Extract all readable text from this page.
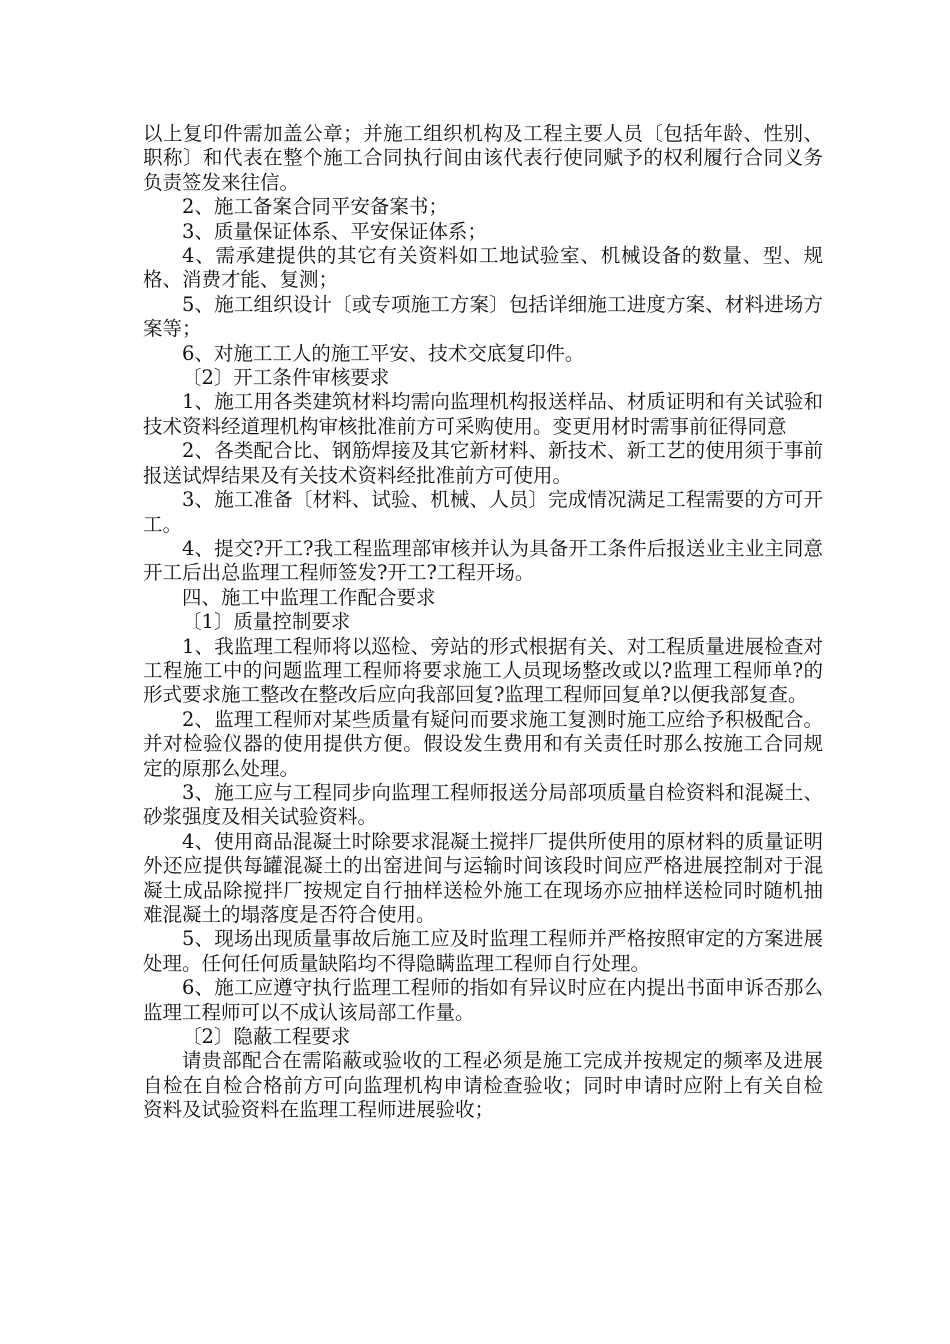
以上复印件需加盖公章；并施工组织机构及工程主要人员〔包括年龄、性别、职称〕和代表在整个施工合同执行间由该代表行使同赋予的权利履行合同义务负责签发来往信。

2、施工备案合同平安备案书；

3、质量保证体系、平安保证体系；

4、需承建提供的其它有关资料如工地试验室、机械设备的数量、型、规格、消费才能、复测；

5、施工组织设计〔或专项施工方案〕包括详细施工进度方案、材料进场方案等；

6、对施工工人的施工平安、技术交底复印件。

〔2〕开工条件审核要求

1、施工用各类建筑材料均需向监理机构报送样品、材质证明和有关试验和技术资料经道理机构审核批准前方可采购使用。变更用材时需事前征得同意

2、各类配合比、钢筋焊接及其它新材料、新技术、新工艺的使用须于事前报送试焊结果及有关技术资料经批准前方可使用。

3、施工准备〔材料、试验、机械、人员〕完成情况满足工程需要的方可开工。

4、提交?开工?我工程监理部审核并认为具备开工条件后报送业主业主同意开工后出总监理工程师签发?开工?工程开场。

四、施工中监理工作配合要求

〔1〕质量控制要求

1、我监理工程师将以巡检、旁站的形式根据有关、对工程质量进展检查对工程施工中的问题监理工程师将要求施工人员现场整改或以?监理工程师单?的形式要求施工整改在整改后应向我部回复?监理工程师回复单?以便我部复查。

2、监理工程师对某些质量有疑问而要求施工复测时施工应给予积极配合。并对检验仪器的使用提供方便。假设发生费用和有关责任时那么按施工合同规定的原那么处理。

3、施工应与工程同步向监理工程师报送分局部项质量自检资料和混凝土、砂浆强度及相关试验资料。

4、使用商品混凝土时除要求混凝土搅拌厂提供所使用的原材料的质量证明外还应提供每罐混凝土的出窑进间与运输时间该段时间应严格进展控制对于混凝土成品除搅拌厂按规定自行抽样送检外施工在现场亦应抽样送检同时随机抽难混凝土的塌落度是否符合使用。

5、现场出现质量事故后施工应及时监理工程师并严格按照审定的方案进展处理。任何任何质量缺陷均不得隐瞒监理工程师自行处理。

6、施工应遵守执行监理工程师的指如有异议时应在内提出书面申诉否那么监理工程师可以不成认该局部工作量。

〔2〕隐蔽工程要求

请贵部配合在需陷蔽或验收的工程必须是施工完成并按规定的频率及进展自检在自检合格前方可向监理机构申请检查验收；同时申请时应附上有关自检资料及试验资料在监理工程师进展验收；
